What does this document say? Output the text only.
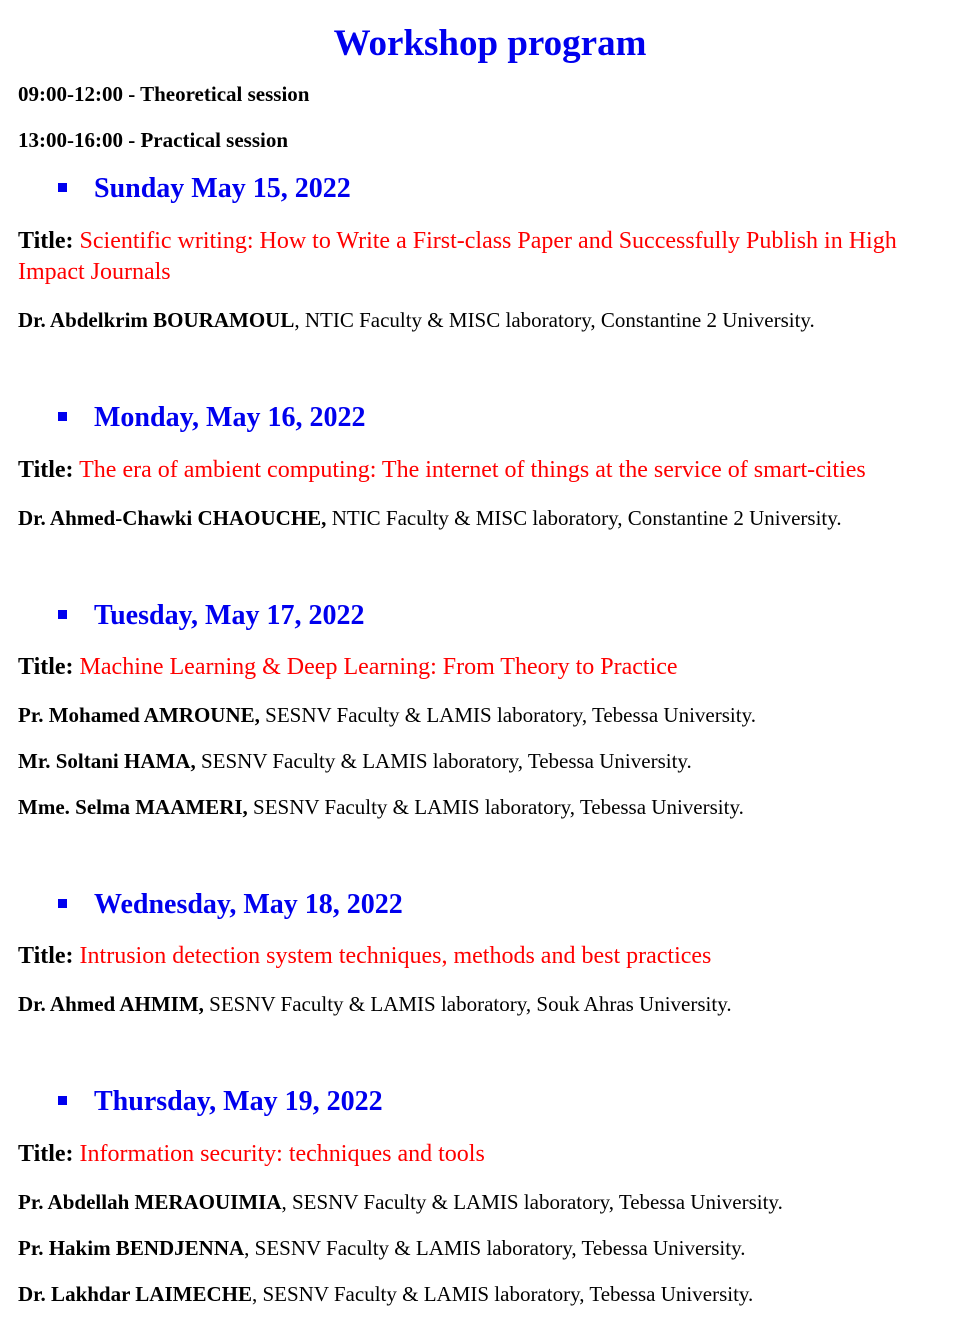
Workshop program
09:00-12:00 - Theoretical session
13:00-16:00 - Practical session
Sunday May 15, 2022
Title: Scientific writing: How to Write a First-class Paper and Successfully Publish in High Impact Journals
Dr. Abdelkrim BOURAMOUL, NTIC Faculty & MISC laboratory, Constantine 2 University.
Monday, May 16, 2022
Title: The era of ambient computing: The internet of things at the service of smart-cities
Dr. Ahmed-Chawki CHAOUCHE, NTIC Faculty & MISC laboratory, Constantine 2 University.
Tuesday, May 17, 2022
Title: Machine Learning & Deep Learning: From Theory to Practice
Pr. Mohamed AMROUNE, SESNV Faculty & LAMIS laboratory, Tebessa University.
Mr. Soltani HAMA, SESNV Faculty & LAMIS laboratory, Tebessa University.
Mme. Selma MAAMERI, SESNV Faculty & LAMIS laboratory, Tebessa University.
Wednesday, May 18, 2022
Title: Intrusion detection system techniques, methods and best practices
Dr. Ahmed AHMIM, SESNV Faculty & LAMIS laboratory, Souk Ahras University.
Thursday, May 19, 2022
Title: Information security: techniques and tools
Pr. Abdellah MERAOUIMIA, SESNV Faculty & LAMIS laboratory, Tebessa University.
Pr. Hakim BENDJENNA, SESNV Faculty & LAMIS laboratory, Tebessa University.
Dr. Lakhdar LAIMECHE, SESNV Faculty & LAMIS laboratory, Tebessa University.
